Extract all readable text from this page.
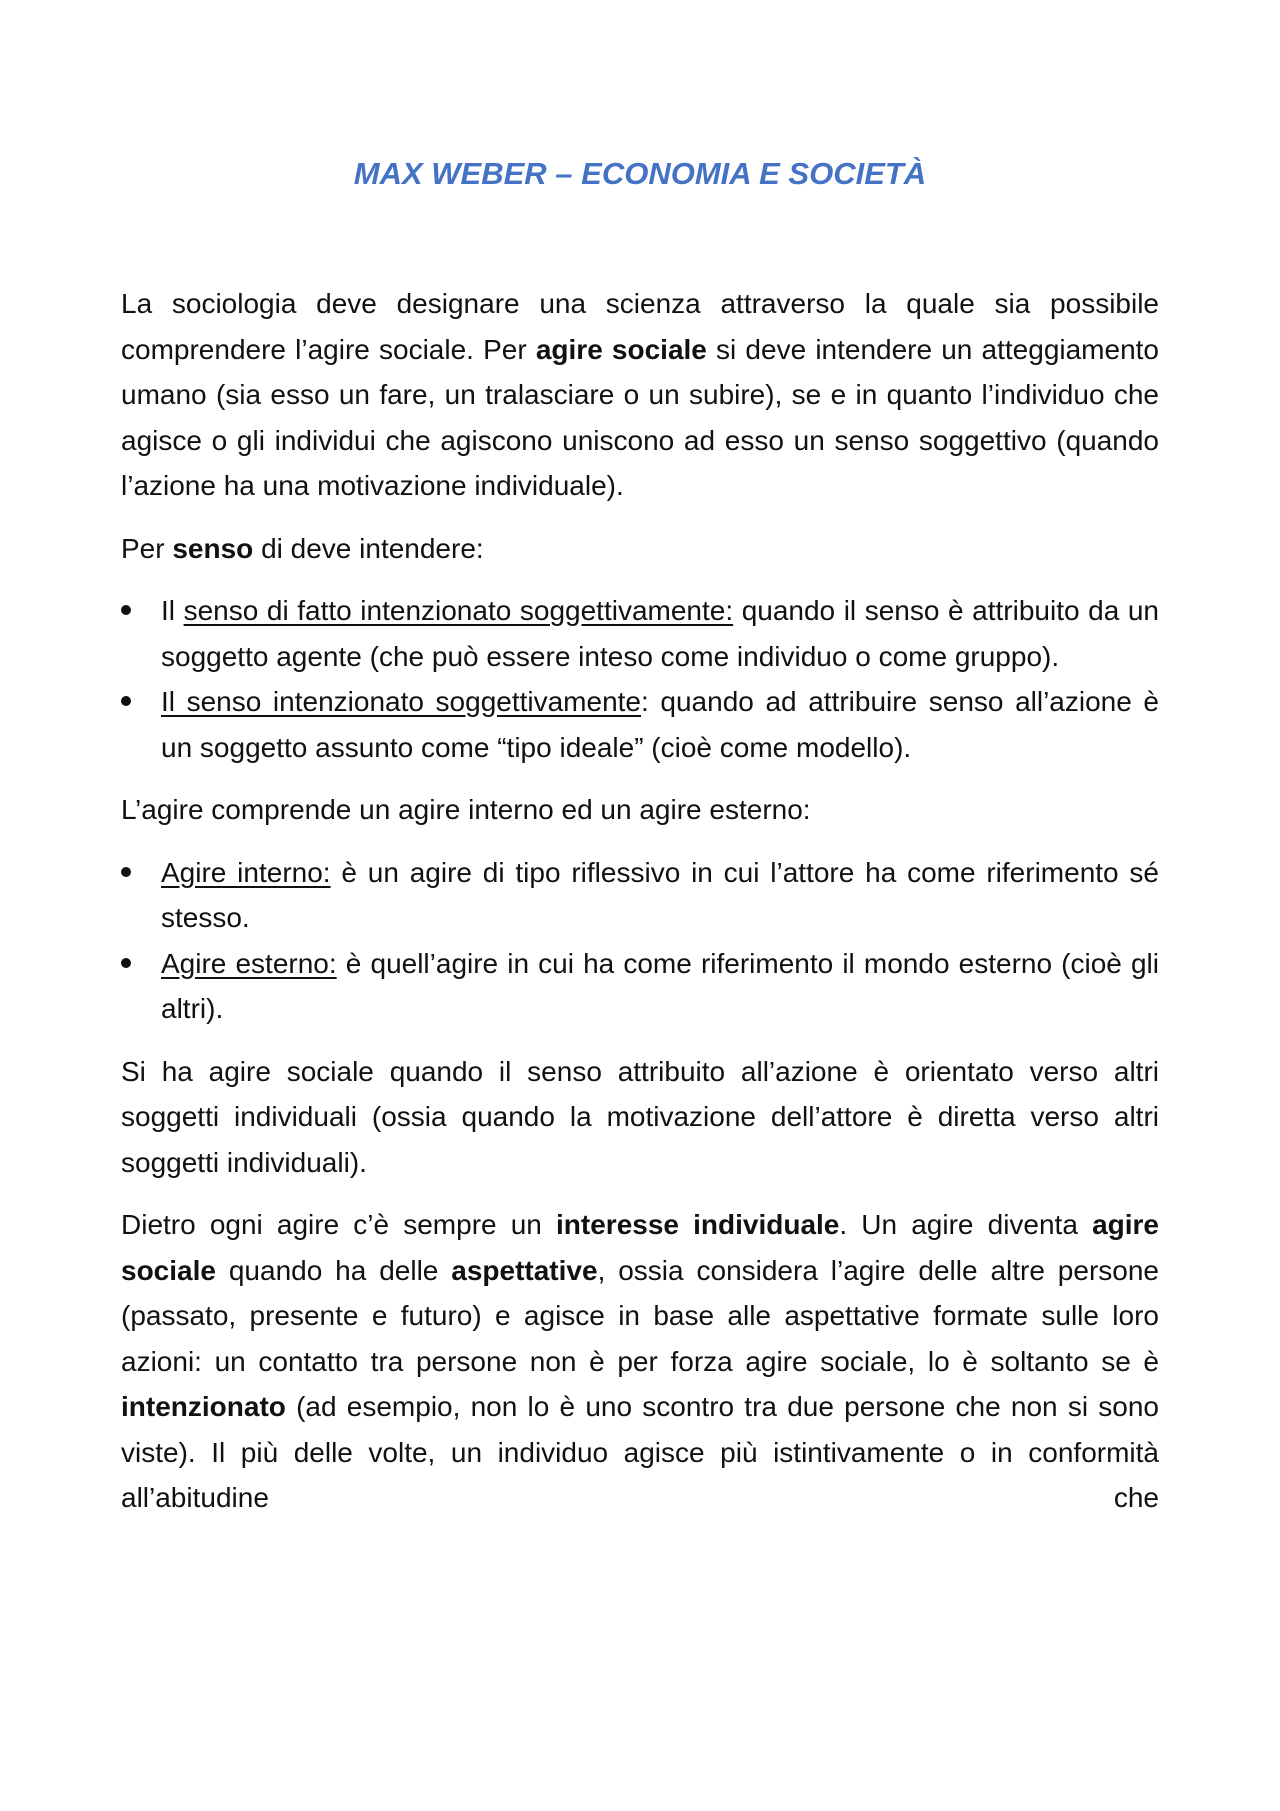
MAX WEBER – ECONOMIA E SOCIETÀ

La sociologia deve designare una scienza attraverso la quale sia possibile comprendere l’agire sociale. Per agire sociale si deve intendere un atteggiamento umano (sia esso un fare, un tralasciare o un subire), se e in quanto l’individuo che agisce o gli individui che agiscono uniscono ad esso un senso soggettivo (quando l’azione ha una motivazione individuale).

Per senso di deve intendere:

Il senso di fatto intenzionato soggettivamente: quando il senso è attribuito da un soggetto agente (che può essere inteso come individuo o come gruppo).
Il senso intenzionato soggettivamente: quando ad attribuire senso all’azione è un soggetto assunto come “tipo ideale” (cioè come modello).

L’agire comprende un agire interno ed un agire esterno:

Agire interno: è un agire di tipo riflessivo in cui l’attore ha come riferimento sé stesso.
Agire esterno: è quell’agire in cui ha come riferimento il mondo esterno (cioè gli altri).

Si ha agire sociale quando il senso attribuito all’azione è orientato verso altri soggetti individuali (ossia quando la motivazione dell’attore è diretta verso altri soggetti individuali).

Dietro ogni agire c’è sempre un interesse individuale. Un agire diventa agire sociale quando ha delle aspettative, ossia considera l’agire delle altre persone (passato, presente e futuro) e agisce in base alle aspettative formate sulle loro azioni: un contatto tra persone non è per forza agire sociale, lo è soltanto se è intenzionato (ad esempio, non lo è uno scontro tra due persone che non si sono viste). Il più delle volte, un individuo agisce più istintivamente o in conformità all’abitudine che
